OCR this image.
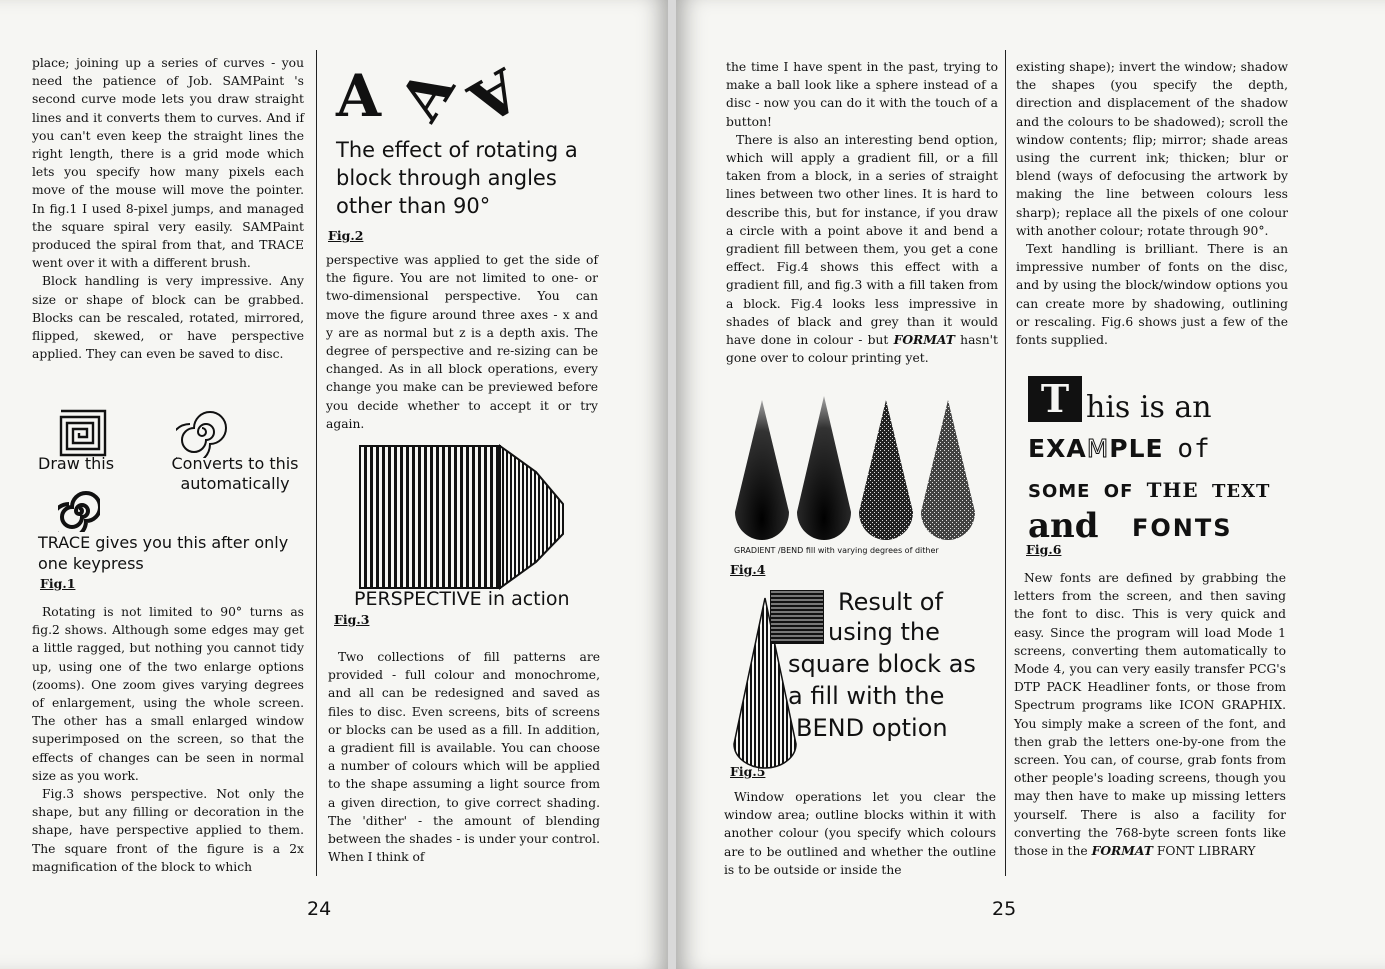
place; joining up a series of curves - you need the patience of Job. SAMPaint 's second curve mode lets you draw straight lines and it converts them to curves. And if you can't even keep the straight lines the right length, there is a grid mode which lets you specify how many pixels each move of the mouse will move the pointer. In fig.1 I used 8-pixel jumps, and managed the square spiral very easily. SAMPaint produced the spiral from that, and TRACE went over it with a different brush.

Block handling is very impressive. Any size or shape of block can be grabbed. Blocks can be rescaled, rotated, mirrored, flipped, skewed, or have perspective applied. They can even be saved to disc.

Draw this	Converts to this automatically
TRACE gives you this after only one keypress
Fig.1

Rotating is not limited to 90° turns as fig.2 shows. Although some edges may get a little ragged, but nothing you cannot tidy up, using one of the two enlarge options (zooms). One zoom gives varying degrees of enlargement, using the whole screen. The other has a small enlarged window superimposed on the screen, so that the effects of changes can be seen in normal size as you work.

Fig.3 shows perspective. Not only the shape, but any filling or decoration in the shape, have perspective applied to them. The square front of the figure is a 2x magnification of the block to which

A A
A
The effect of rotating a block through angles other than 90°
Fig.2

perspective was applied to get the side of the figure. You are not limited to one- or two-dimensional perspective. You can move the figure around three axes - x and y are as normal but z is a depth axis. The degree of perspective and re-sizing can be changed. As in all block operations, every change you make can be previewed before you decide whether to accept it or try again.

PERSPECTIVE in action
Fig.3

Two collections of fill patterns are provided - full colour and monochrome, and all can be redesigned and saved as files to disc. Even screens, bits of screens or blocks can be used as a fill. In addition, a gradient fill is available. You can choose a number of colours which will be applied to the shape assuming a light source from a given direction, to give correct shading. The 'dither' - the amount of blending between the shades - is under your control. When I think of

24

the time I have spent in the past, trying to make a ball look like a sphere instead of a disc - now you can do it with the touch of a button!

There is also an interesting bend option, which will apply a gradient fill, or a fill taken from a block, in a series of straight lines between two other lines. It is hard to describe this, but for instance, if you draw a circle with a point above it and bend a gradient fill between them, you get a cone effect. Fig.4 shows this effect with a gradient fill, and fig.3 with a fill taken from a block. Fig.4 looks less impressive in shades of black and grey than it would have done in colour - but FORMAT hasn't gone over to colour printing yet.

GRADIENT /BEND fill with varying degrees of dither
Fig.4
Result of
using the
square block as
a fill with the
BEND option
Fig.5

Window operations let you clear the window area; outline blocks within it with another colour (you specify which colours are to be outlined and whether the outline is to be outside or inside the

existing shape); invert the window; shadow the shapes (you specify the depth, direction and displacement of the shadow and the colours to be shadowed); scroll the window contents; flip; mirror; shade areas using the current ink; thicken; blur or blend (ways of defocusing the artwork by making the line between colours less sharp); replace all the pixels of one colour with another colour; rotate through 90°.

Text handling is brilliant. There is an impressive number of fonts on the disc, and by using the block/window options you can create more by shadowing, outlining or rescaling. Fig.6 shows just a few of the fonts supplied.

T his is an
EXAMPLE of
SOME OF THE TEXT
and FONTS
Fig.6

New fonts are defined by grabbing the letters from the screen, and then saving the font to disc. This is very quick and easy. Since the program will load Mode 1 screens, converting them automatically to Mode 4, you can very easily transfer PCG's DTP PACK Headliner fonts, or those from Spectrum programs like ICON GRAPHIX. You simply make a screen of the font, and then grab the letters one-by-one from the screen. You can, of course, grab fonts from other people's loading screens, though you may then have to make up missing letters yourself. There is also a facility for converting the 768-byte screen fonts like those in the FORMAT FONT LIBRARY

25
